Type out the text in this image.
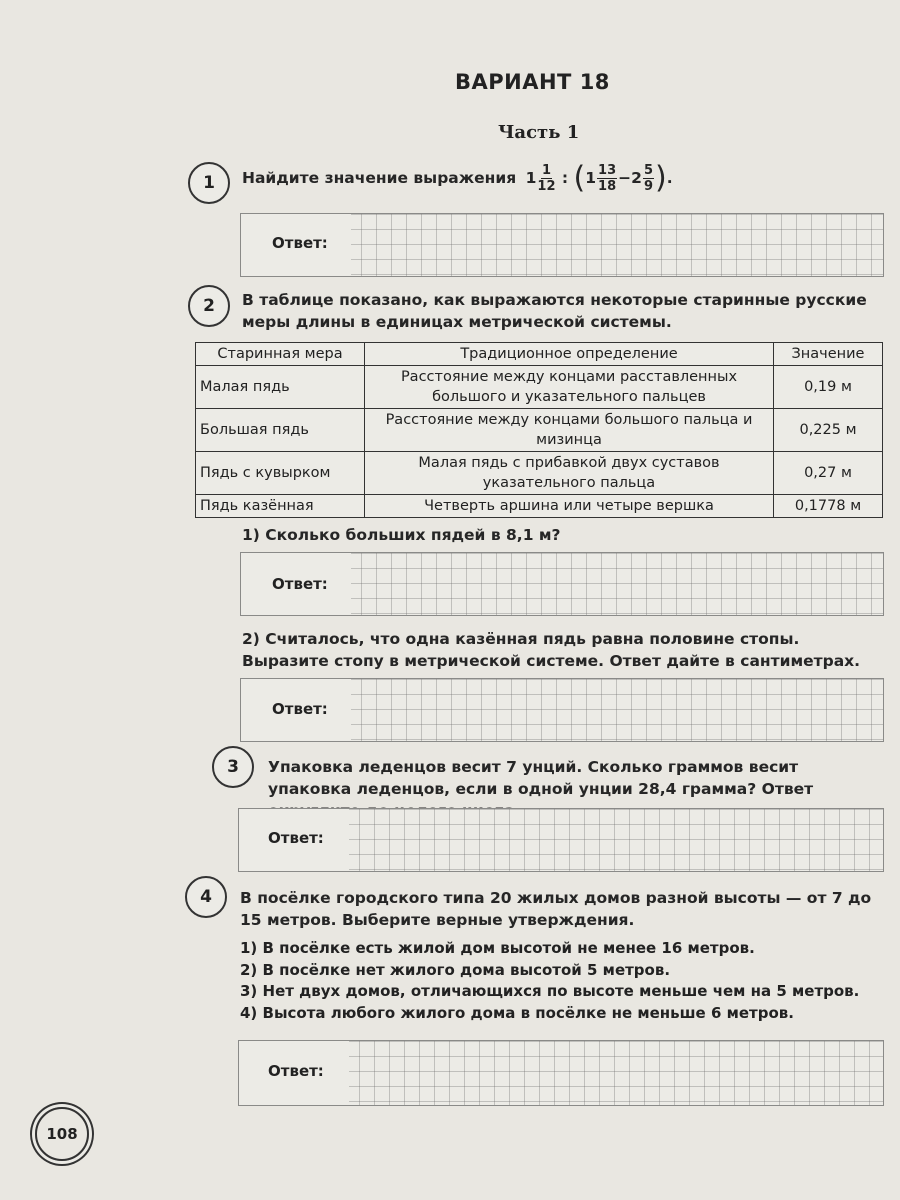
ВАРИАНТ 18
Часть 1
1	Найдите значение выражения $1 \frac{1}{12}$ : ($1 \frac{13}{18} -2 \frac{5}{9}$ ).
Ответ:
2	В таблице показано, как выражаются некоторые старинные русские меры длины в единицах метрической системы.
Старинная мера	Традиционное определение	Значение
Малая пядь	Расстояние между концами расставленных большого и указательного пальцев	0,19 м
Большая пядь	Расстояние между концами большого пальца и мизинца	0,225 м
Пядь с кувырком	Малая пядь с прибавкой двух суставов указательного пальца	0,27 м
Пядь казённая	Четверть аршина или четыре вершка	0,1778 м
1) Сколько больших пядей в 8,1 м?
Ответ:
2) Считалось, что одна казённая пядь равна половине стопы. Выразите стопу в метрической системе. Ответ дайте в сантиметрах.
Ответ:
3	Упаковка леденцов весит 7 унций. Сколько граммов весит упаковка леденцов, если в одной унции 28,4 грамма? Ответ
Ответ:
4	В посёлке городского типа 20 жилых домов разной высоты — от 7 до 15 метров. Выберите верные утверждения.
1) В посёлке есть жилой дом высотой не менее 16 метров.
2) В посёлке нет жилого дома высотой 5 метров.
3) Нет двух домов, отличающихся по высоте меньше чем на 5 метров.
4) Высота любого жилого дома в посёлке не меньше 6 метров.
Ответ:
108
